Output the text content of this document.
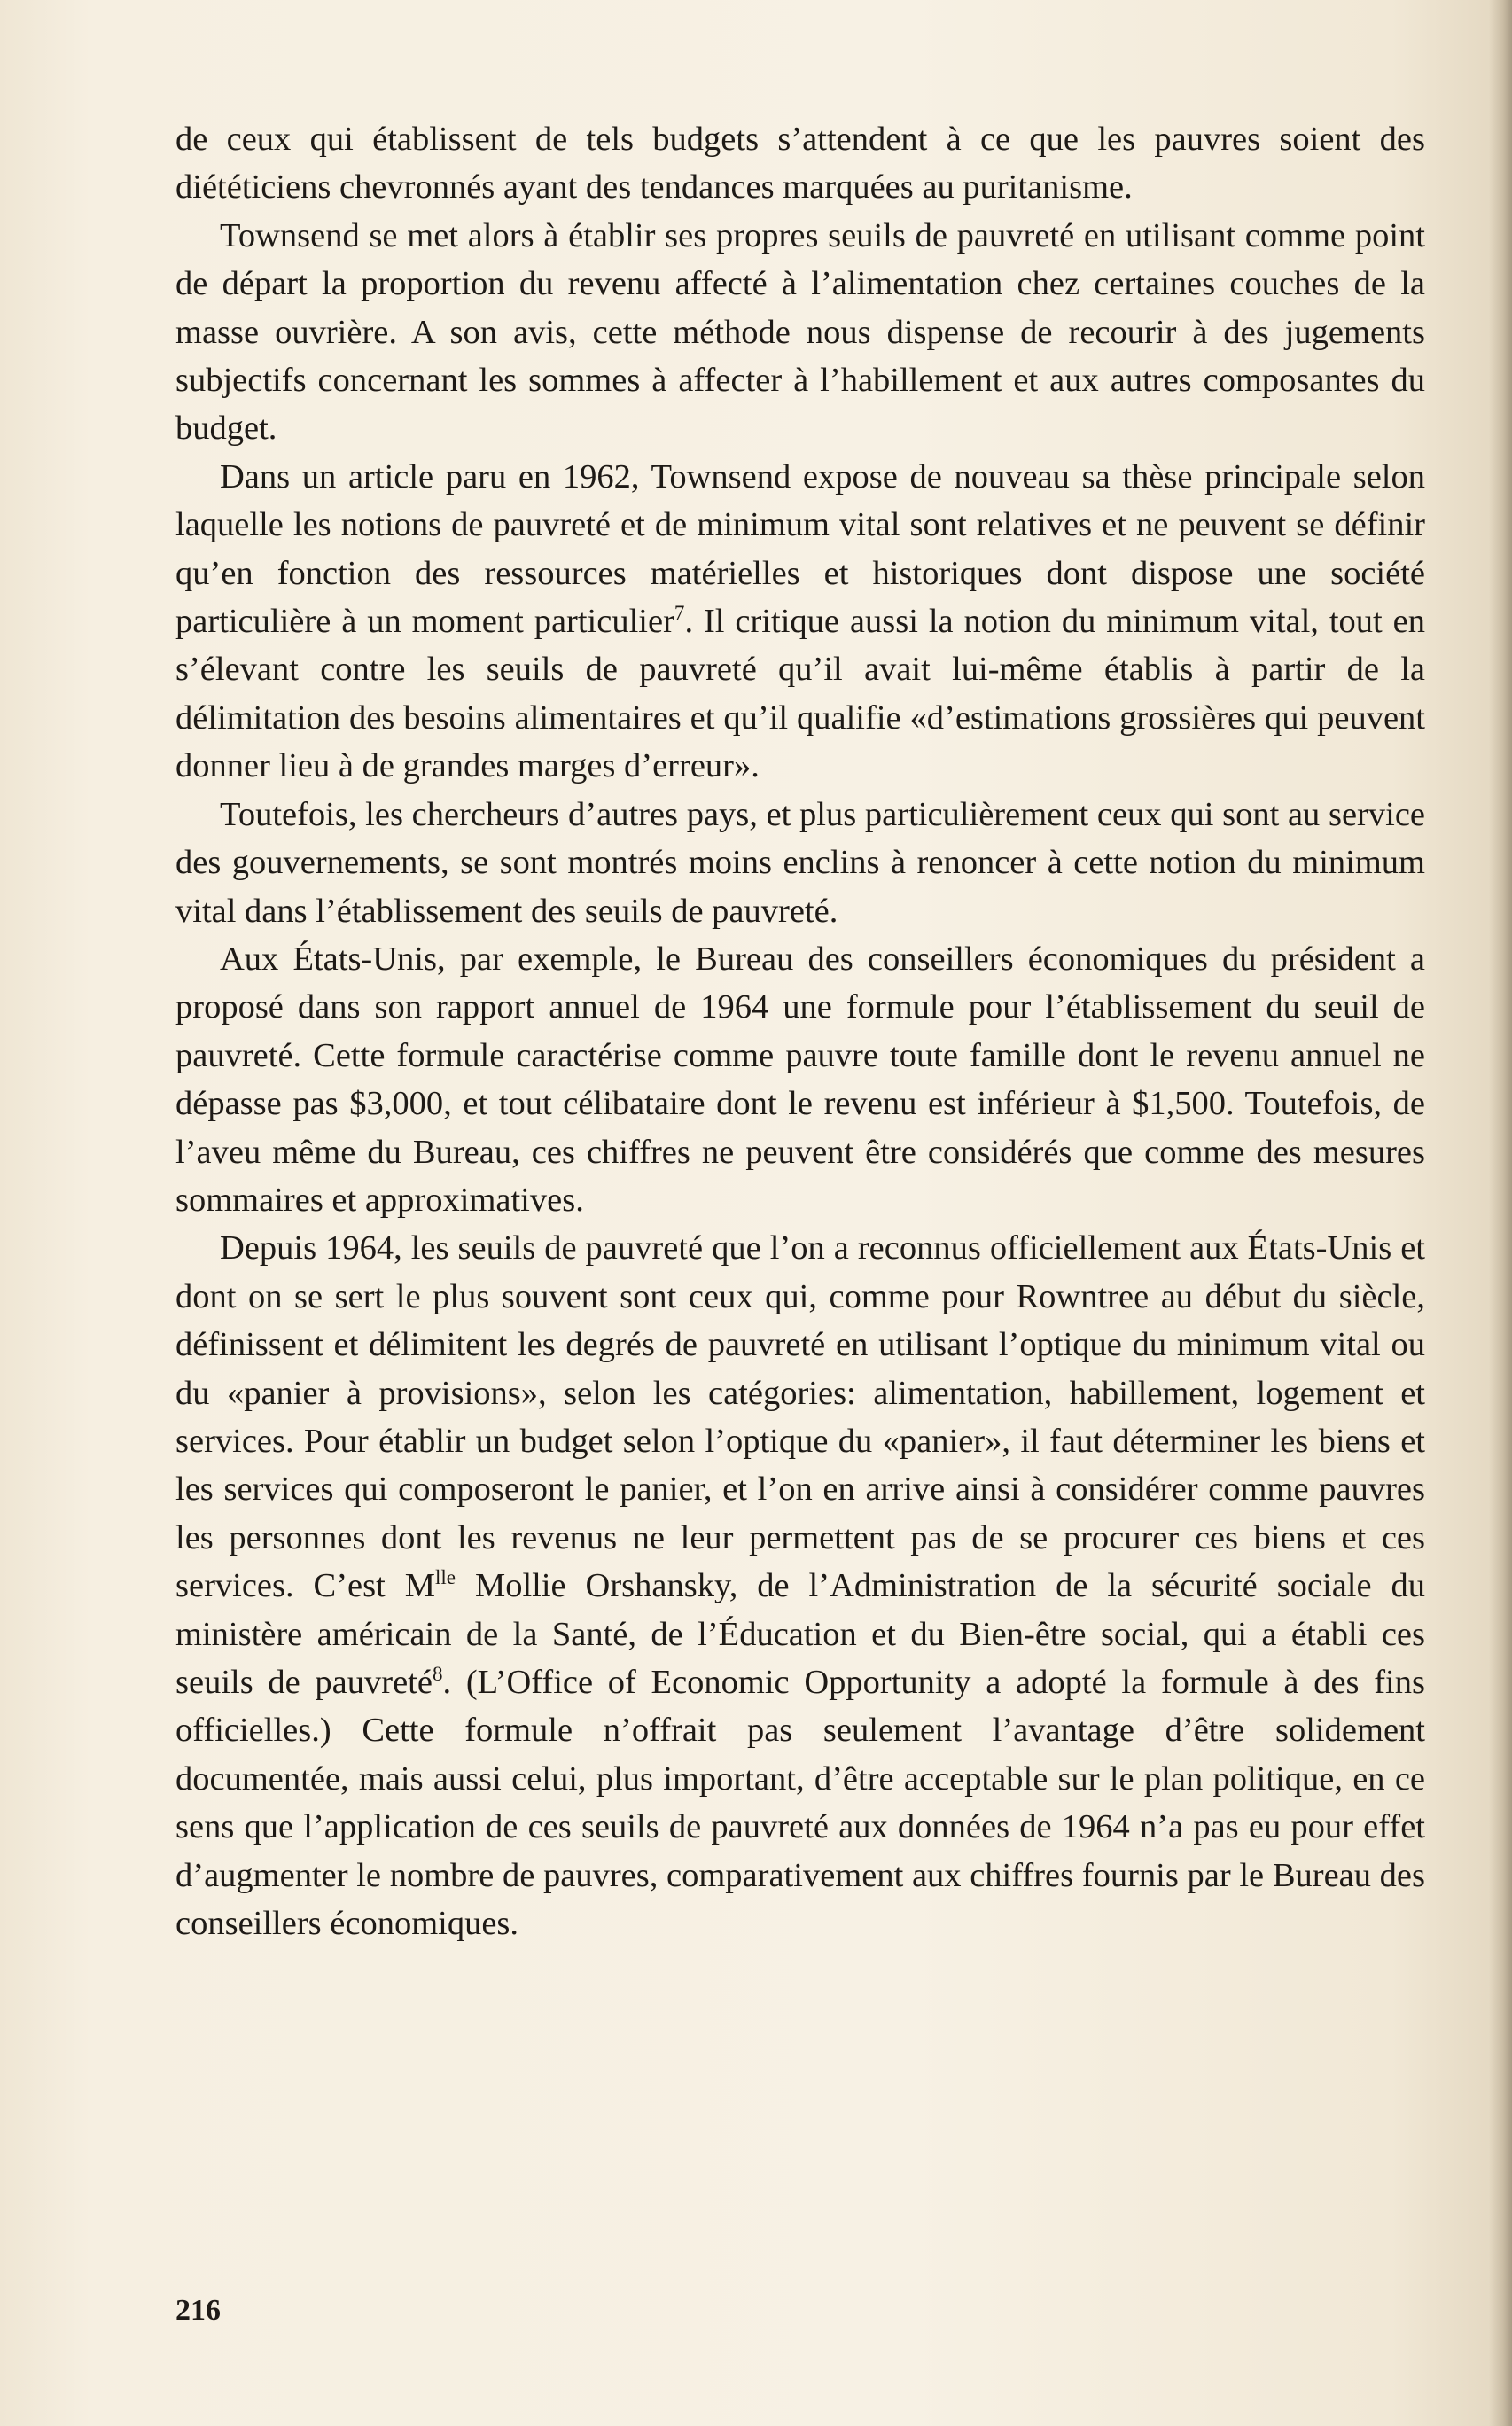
de ceux qui établissent de tels budgets s’attendent à ce que les pauvres soient des diététiciens chevronnés ayant des tendances marquées au puritanisme.

Townsend se met alors à établir ses propres seuils de pauvreté en utilisant comme point de départ la proportion du revenu affecté à l’alimentation chez certaines couches de la masse ouvrière. A son avis, cette méthode nous dispense de recourir à des jugements subjectifs concernant les sommes à affecter à l’habillement et aux autres composantes du budget.

Dans un article paru en 1962, Townsend expose de nouveau sa thèse principale selon laquelle les notions de pauvreté et de minimum vital sont relatives et ne peuvent se définir qu’en fonction des ressources matérielles et historiques dont dispose une société particulière à un moment particulier$^7$. Il critique aussi la notion du minimum vital, tout en s’élevant contre les seuils de pauvreté qu’il avait lui-même établis à partir de la délimitation des besoins alimentaires et qu’il qualifie «d’estimations grossières qui peuvent donner lieu à de grandes marges d’erreur».

Toutefois, les chercheurs d’autres pays, et plus particulièrement ceux qui sont au service des gouvernements, se sont montrés moins enclins à renoncer à cette notion du minimum vital dans l’établissement des seuils de pauvreté.

Aux États-Unis, par exemple, le Bureau des conseillers économiques du président a proposé dans son rapport annuel de 1964 une formule pour l’établissement du seuil de pauvreté. Cette formule caractérise comme pauvre toute famille dont le revenu annuel ne dépasse pas $3,000, et tout célibataire dont le revenu est inférieur à $1,500. Toutefois, de l’aveu même du Bureau, ces chiffres ne peuvent être considérés que comme des mesures sommaires et approximatives.

Depuis 1964, les seuils de pauvreté que l’on a reconnus officiellement aux États-Unis et dont on se sert le plus souvent sont ceux qui, comme pour Rowntree au début du siècle, définissent et délimitent les degrés de pauvreté en utilisant l’optique du minimum vital ou du «panier à provisions», selon les catégories: alimentation, habillement, logement et services. Pour établir un budget selon l’optique du «panier», il faut déterminer les biens et les services qui composeront le panier, et l’on en arrive ainsi à considérer comme pauvres les personnes dont les revenus ne leur permettent pas de se procurer ces biens et ces services. C’est $M^{lle}$ Mollie Orshansky, de l’Administration de la sécurité sociale du ministère américain de la Santé, de l’Éducation et du Bien-être social, qui a établi ces seuils de pauvreté$^8$. (L’Office of Economic Opportunity a adopté la formule à des fins officielles.) Cette formule n’offrait pas seulement l’avantage d’être solidement documentée, mais aussi celui, plus important, d’être acceptable sur le plan politique, en ce sens que l’application de ces seuils de pauvreté aux données de 1964 n’a pas eu pour effet d’augmenter le nombre de pauvres, comparativement aux chiffres fournis par le Bureau des conseillers économiques.

216
